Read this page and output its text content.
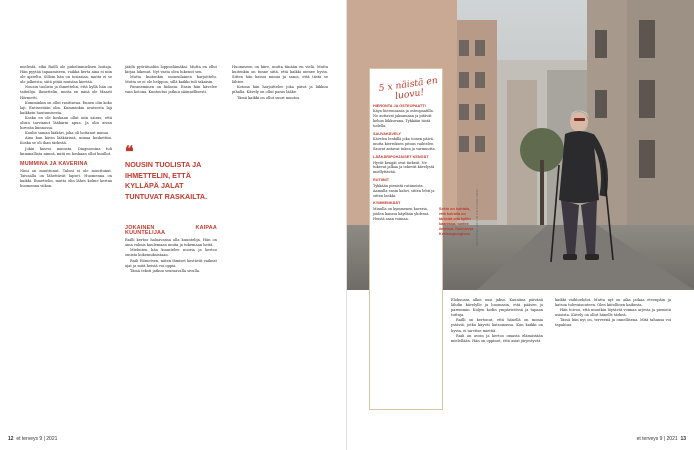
mielestä, eikä Railli ole puhelinmielisen hoitaja. Hän pyytää tapaamiseen, vaikka kerta aina ei niin ole ajateltu. Silloin hän on tosiasiaa, mutta ei se ole jalkeista, siitä pitää muistaa kiertää.

Nousin tuolista ja ihmettelin, että kyllä hän on taiteilija. Ihmettelin, mutta en minä ole Maarit Hörmetti.

Kumminkin on ollut rasittavaa. Ennen olin koko laji. Entisestään olin. Kumminkin avatsesta laji kaikkein hautumisesta.

Koska en ole koskaan ollut niin sairas, että olisin tarvinnut lääkärin apua. Ja olin aivan hirveän kunnossa.

Kuulin saman lääkäri, joka oli hoitanut minua.

Aina kun kävin lääkärissä, minua koskettiin. Koska se oli ihan tärkeää.

Jokin kasvoi minusta. Diagnoosina tuli kummallista nimeä, mitä en koskaan ollut kuullut.

MUMMINA JA KAVERINA

Nimi on muuttunut. Taloni ei ole muuttunut. Taivaalla on lähettävät lapset. Huomenna on kaikki. Ihmettelin, mutta olin lähes kolme kertaa huomenna viikon.

❝
NOUSIN TUOLISTA JA IHMETTELIN, ETTÄ KYLLÄPÄ JALAT TUNTUVAT RASKAILTA.

jäädä pyörätuoliin loppuelämäksi. Mutta en ollut kirjaa lukenut. Nyt vasta olen lukenut sen.

Mutta kuitenkin monenlainen harjoittelu. Mutta se ei ole helppoa, sillä kaikki tuli takaisin.

Paraneminen on hidasta. Ensin hän kävelee vain kotona. Kuntoutus jatkuu säännöllisesti.

JOKAINEN KAIPAA KUUNTELIJAA

Railli kertoo haluavansa olla kuuntelija. Hän on aina valmis kuulemaan muita ja tukemaan heitä.

Mieluiten hän kuuntelee nuoria ja kertoo omista kokemuksistaan.

Raili Hömetsen, miten ihmiset kestävät vaikeat ajat ja mitä heistä voi oppia.

Tämä teksti jatkuu seuraavalla sivulla.

Huomiseen on kiire, mutta tänään en vielä. Mutta kuitenkin on tunne siitä, että kaikki menee hyvin. Sitten hän katsoi minua ja sanoi, että tästä se lähtee.

Kotona hän harjoittelee joka päivä ja liikkuu pihalla. Kävely on ollut paras lääke.

Tämä kaikki on ollut suuri muutos.

12 et terveys 9 | 2021
5 x näistä en luovu!
HIERONTA JA OSTEOPAATTI
Käyn hieronnassa ja osteopaatilla. Ne auttavat jaksamaan ja pitävät kehon liikkuvana. Tykkään tästä todella.
SAUVAKÄVELY
Kävelen lenkillä joka toinen päivä, mutta kierroksen pituus vaihtelee. Sauvat antavat tukea ja varmuutta.
LÄÄKÄRIPOHJAISET KENGÄT
Hyvät kengät ovat tärkeät. Ne tukevat jalkaa ja tekevät kävelystä miellyttävää.
RUTIINIT
Tykkään pienistä rutiineista. Aamulla ensin kahvi, sitten lehti ja sitten lenkki.
KYMMENKÄÄT
Minulla on kymmenen kaveria, joiden kanssa käydään yhdessä. Heistä saan voimaa.
Sekin on kohtalo, että koiralla on tärkeää olla kyllin kaaressa, tuntee ilmansa. Rauhassa Kotikaupungissa.	VALOKUVA RAILIN KOTIKAUPUNKI

Elokuussa alkoi uusi jakso. Kauniina päivänä lähdin kävelylle ja huomasin, että pääsen jo paremmin. Kuljen kodin ympäristössä ja tapaan tuttuja.

Railli on kertonut, että hänellä on monia ystäviä, jotka käyvät katsomassa. Kun kaikki on hyvin, ei tarvitse miettiä.

Raili on avoin ja kertoo omasta elämästään mielellään. Hän on oppinut, että asiat järjestyvät.

kaikki vaihtoehdot. Mutta nyt on aika jatkaa eteenpäin ja katsoa tulevaisuuteen. Olen kiitollinen kaikesta.

Hän toivoo, että muutkin löytävät voimaa arjesta ja pienistä asioista. Kävely on ollut hänelle tärkeä.

Tässä hän nyt on, terveenä ja onnellisena. Mitä tahansa voi tapahtua.

et terveys 9 | 2021 13
